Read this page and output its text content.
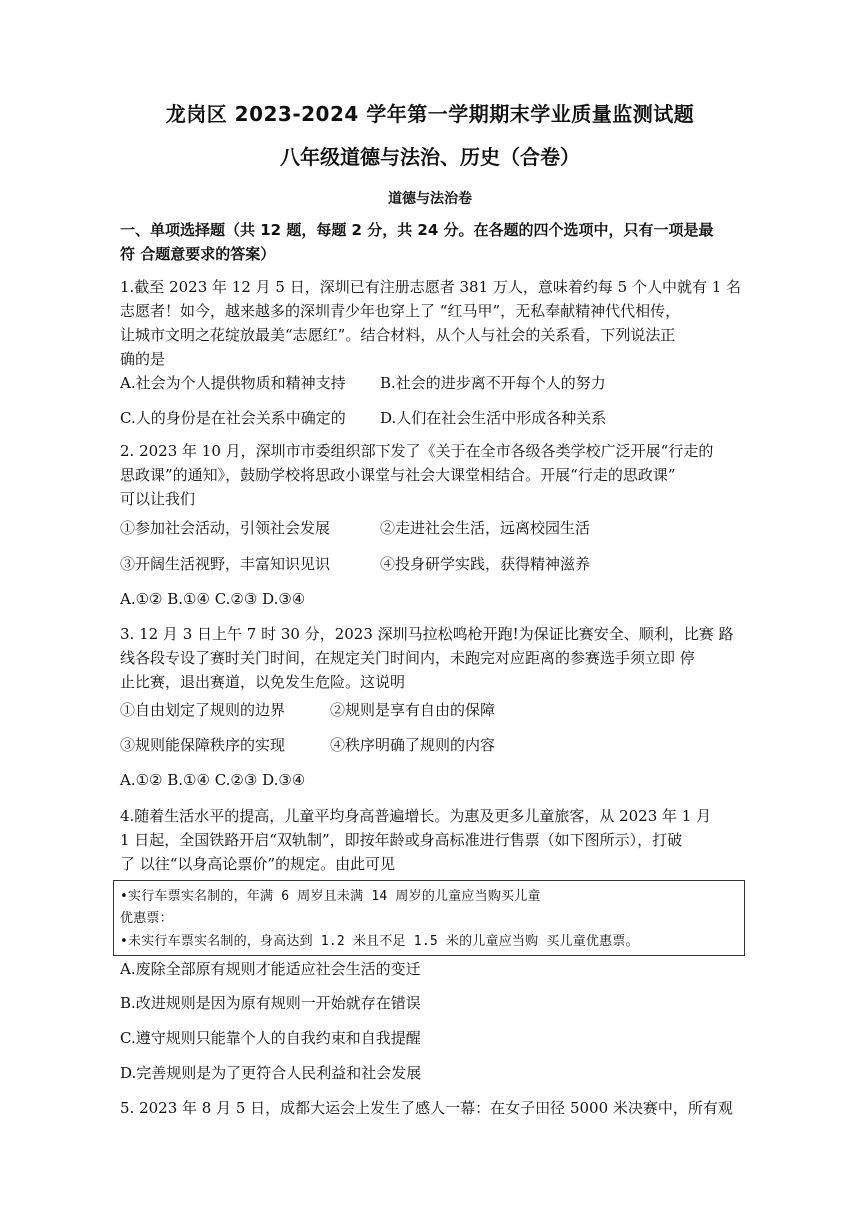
龙岗区 2023-2024 学年第一学期期末学业质量监测试题
八年级道德与法治、历史（合卷）
道德与法治卷
一、单项选择题（共 12 题，每题 2 分，共 24 分。在各题的四个选项中，只有一项是最
符 合题意要求的答案）
1.截至 2023 年 12 月 5 日，深圳已有注册志愿者 381 万人，意味着约每 5 个人中就有 1 名
志愿者！如今，越来越多的深圳青少年也穿上了 “红马甲”，无私奉献精神代代相传，
让城市文明之花绽放最美“志愿红”。结合材料，从个人与社会的关系看，下列说法正
确的是
A.社会为个人提供物质和精神支持 B.社会的进步离不开每个人的努力
C.人的身份是在社会关系中确定的 D.人们在社会生活中形成各种关系
2. 2023 年 10 月，深圳市市委组织部下发了《关于在全市各级各类学校广泛开展“行走的
思政课”的通知》，鼓励学校将思政小课堂与社会大课堂相结合。开展“行走的思政课”
可以让我们
①参加社会活动，引领社会发展	②走进社会生活，远离校园生活
③开阔生活视野，丰富知识见识	④投身研学实践，获得精神滋养
A.①② B.①④ C.②③ D.③④
3. 12 月 3 日上午 7 时 30 分，2023 深圳马拉松鸣枪开跑!为保证比赛安全、顺利，比赛 路
线各段专设了赛时关门时间，在规定关门时间内，未跑完对应距离的参赛选手须立即 停
止比赛，退出赛道，以免发生危险。这说明
①自由划定了规则的边界	②规则是享有自由的保障
③规则能保障秩序的实现	④秩序明确了规则的内容
A.①② B.①④ C.②③ D.③④
4.随着生活水平的提高，儿童平均身高普遍增长。为惠及更多儿童旅客，从 2023 年 1 月
1 日起，全国铁路开启“双轨制”，即按年龄或身高标准进行售票（如下图所示），打破
了 以往“以身高论票价”的规定。由此可见
•实行车票实名制的，年满 6 周岁且未满 14 周岁的儿童应当购买儿童
优惠票：
•未实行车票实名制的，身高达到 1.2 米且不足 1.5 米的儿童应当购 买儿童优惠票。
A.废除全部原有规则才能适应社会生活的变迁
B.改进规则是因为原有规则一开始就存在错误
C.遵守规则只能靠个人的自我约束和自我提醒
D.完善规则是为了更符合人民利益和社会发展
5. 2023 年 8 月 5 日，成都大运会上发生了感人一幕：在女子田径 5000 米决赛中，所有观
